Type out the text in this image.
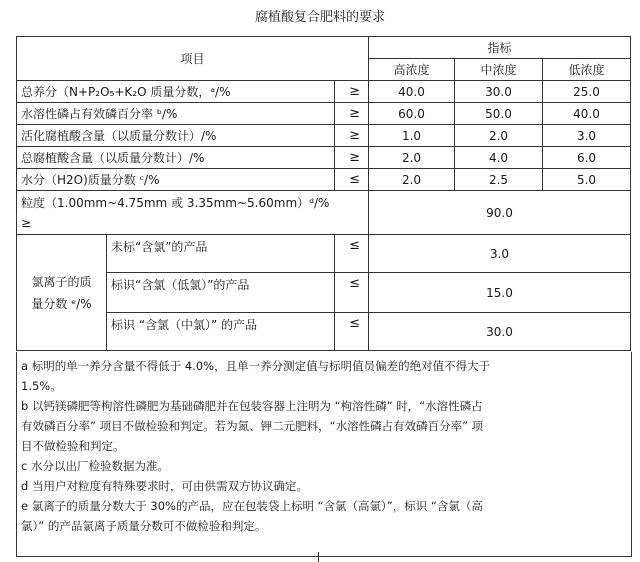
腐植酸复合肥料的要求
项目			指标		
			高浓度	中浓度	低浓度
总养分（N+P₂O₅+K₂O 质量分数，ᵃ/%		≥	40.0	30.0	25.0
水溶性磷占有效磷百分率 ᵇ/%		≥	60.0	50.0	40.0
活化腐植酸含量（以质量分数计）/%		≥	1.0	2.0	3.0
总腐植酸含量（以质量分数计）/%		≥	2.0	4.0	6.0
水分（H2O)质量分数 ᶜ/%		≤	2.0	2.5	5.0

粒度（1.00mm~4.75mm 或 3.35mm~5.60mm）ᵈ/%
≥			90.0		

氯离子的质
量分数 ᵉ/%	未标“含氯”的产品	≤	3.0		
	标识“含氯（低氯）”的产品	≤	15.0		
	标识 “含氯（中氯）” 的产品	≤	30.0		

a 标明的单一养分含量不得低于 4.0%，且单一养分测定值与标明值员偏差的绝对值不得大于

1.5%。

b 以钙镁磷肥等枸溶性磷肥为基础磷肥并在包装容器上注明为 “枸溶性磷” 时，“水溶性磷占

有效磷百分率” 项目不做检验和判定。若为氮、钾二元肥料，“水溶性磷占有效磷百分率” 项

目不做检验和判定。

c 水分以出厂检验数据为准。

d 当用户对粒度有特殊要求时，可由供需双方协议确定。

e 氯离子的质量分数大于 30%的产品，应在包装袋上标明 “含氯（高氯）”，标识 “含氯（高

氯）” 的产品氯离子质量分数可不做检验和判定。
